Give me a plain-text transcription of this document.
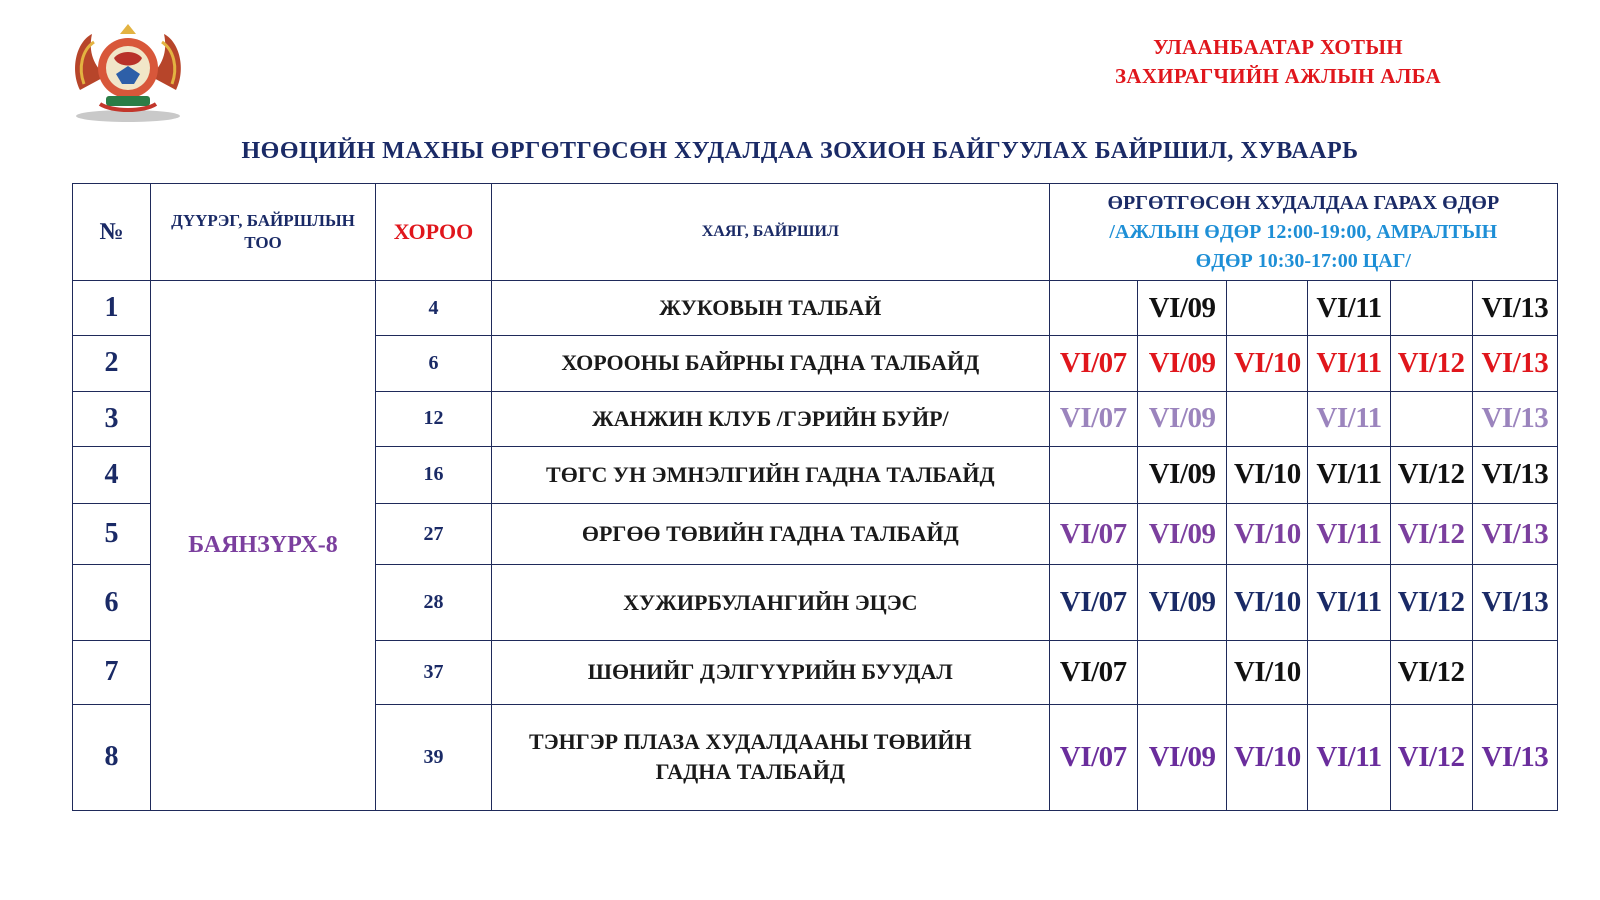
УЛААНБААТАР ХОТЫН
ЗАХИРАГЧИЙН АЖЛЫН АЛБА
НӨӨЦИЙН МАХНЫ ӨРГӨТГӨСӨН ХУДАЛДАА ЗОХИОН БАЙГУУЛАХ БАЙРШИЛ, ХУВААРЬ
№	ДҮҮРЭГ, БАЙРШЛЫН ТОО	ХОРОО	ХАЯГ, БАЙРШИЛ	ӨРГӨТГӨСӨН ХУДАЛДАА ГАРАХ ӨДӨР
/АЖЛЫН ӨДӨР 12:00-19:00, АМРАЛТЫН
ӨДӨР 10:30-17:00 ЦАГ/					

1	БАЯНЗҮРХ-8	4	ЖУКОВЫН ТАЛБАЙ		VI/09		VI/11		VI/13
2		6	ХОРООНЫ БАЙРНЫ ГАДНА ТАЛБАЙД	VI/07	VI/09	VI/10	VI/11	VI/12	VI/13
3		12	ЖАНЖИН КЛУБ /ГЭРИЙН БУЙР/	VI/07	VI/09		VI/11		VI/13
4		16	ТӨГС УН ЭМНЭЛГИЙН ГАДНА ТАЛБАЙД		VI/09	VI/10	VI/11	VI/12	VI/13
5		27	ӨРГӨӨ ТӨВИЙН ГАДНА ТАЛБАЙД	VI/07	VI/09	VI/10	VI/11	VI/12	VI/13
6		28	ХУЖИРБУЛАНГИЙН ЭЦЭС	VI/07	VI/09	VI/10	VI/11	VI/12	VI/13
7		37	ШӨНИЙГ ДЭЛГҮҮРИЙН БУУДАЛ	VI/07		VI/10		VI/12	
8		39	ТЭНГЭР ПЛАЗА ХУДАЛДААНЫ ТӨВИЙН ГАДНА ТАЛБАЙД	VI/07	VI/09	VI/10	VI/11	VI/12	VI/13
